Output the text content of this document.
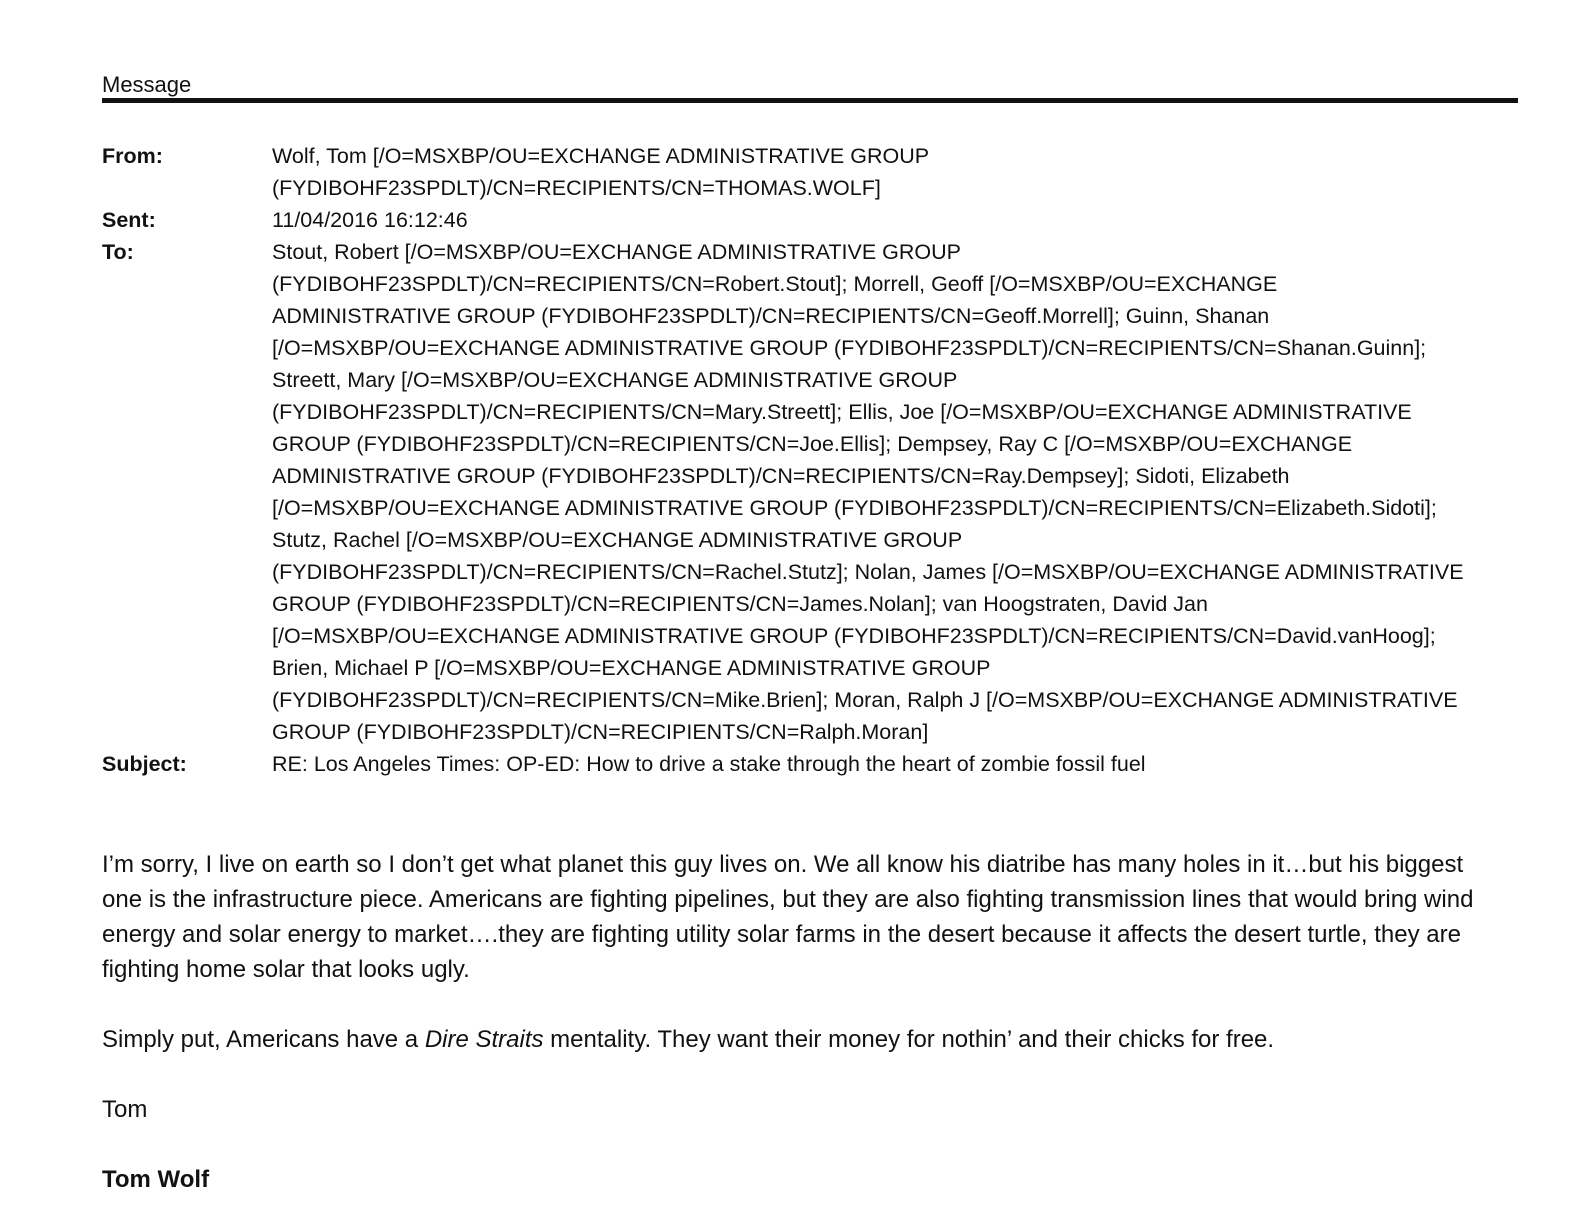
Message
From:	Wolf, Tom [/O=MSXBP/OU=EXCHANGE ADMINISTRATIVE GROUP
(FYDIBOHF23SPDLT)/CN=RECIPIENTS/CN=THOMAS.WOLF]
Sent:	11/04/2016 16:12:46
To:	Stout, Robert [/O=MSXBP/OU=EXCHANGE ADMINISTRATIVE GROUP
(FYDIBOHF23SPDLT)/CN=RECIPIENTS/CN=Robert.Stout]; Morrell, Geoff [/O=MSXBP/OU=EXCHANGE
ADMINISTRATIVE GROUP (FYDIBOHF23SPDLT)/CN=RECIPIENTS/CN=Geoff.Morrell]; Guinn, Shanan
[/O=MSXBP/OU=EXCHANGE ADMINISTRATIVE GROUP (FYDIBOHF23SPDLT)/CN=RECIPIENTS/CN=Shanan.Guinn];
Streett, Mary [/O=MSXBP/OU=EXCHANGE ADMINISTRATIVE GROUP
(FYDIBOHF23SPDLT)/CN=RECIPIENTS/CN=Mary.Streett]; Ellis, Joe [/O=MSXBP/OU=EXCHANGE ADMINISTRATIVE
GROUP (FYDIBOHF23SPDLT)/CN=RECIPIENTS/CN=Joe.Ellis]; Dempsey, Ray C [/O=MSXBP/OU=EXCHANGE
ADMINISTRATIVE GROUP (FYDIBOHF23SPDLT)/CN=RECIPIENTS/CN=Ray.Dempsey]; Sidoti, Elizabeth
[/O=MSXBP/OU=EXCHANGE ADMINISTRATIVE GROUP (FYDIBOHF23SPDLT)/CN=RECIPIENTS/CN=Elizabeth.Sidoti];
Stutz, Rachel [/O=MSXBP/OU=EXCHANGE ADMINISTRATIVE GROUP
(FYDIBOHF23SPDLT)/CN=RECIPIENTS/CN=Rachel.Stutz]; Nolan, James [/O=MSXBP/OU=EXCHANGE ADMINISTRATIVE
GROUP (FYDIBOHF23SPDLT)/CN=RECIPIENTS/CN=James.Nolan]; van Hoogstraten, David Jan
[/O=MSXBP/OU=EXCHANGE ADMINISTRATIVE GROUP (FYDIBOHF23SPDLT)/CN=RECIPIENTS/CN=David.vanHoog];
Brien, Michael P [/O=MSXBP/OU=EXCHANGE ADMINISTRATIVE GROUP
(FYDIBOHF23SPDLT)/CN=RECIPIENTS/CN=Mike.Brien]; Moran, Ralph J [/O=MSXBP/OU=EXCHANGE ADMINISTRATIVE
GROUP (FYDIBOHF23SPDLT)/CN=RECIPIENTS/CN=Ralph.Moran]
Subject:	RE: Los Angeles Times: OP-ED: How to drive a stake through the heart of zombie fossil fuel

I’m sorry, I live on earth so I don’t get what planet this guy lives on. We all know his diatribe has many holes in it…but his biggest one is the infrastructure piece. Americans are fighting pipelines, but they are also fighting transmission lines that would bring wind energy and solar energy to market….they are fighting utility solar farms in the desert because it affects the desert turtle, they are fighting home solar that looks ugly.

Simply put, Americans have a Dire Straits mentality. They want their money for nothin’ and their chicks for free.

Tom

Tom Wolf
